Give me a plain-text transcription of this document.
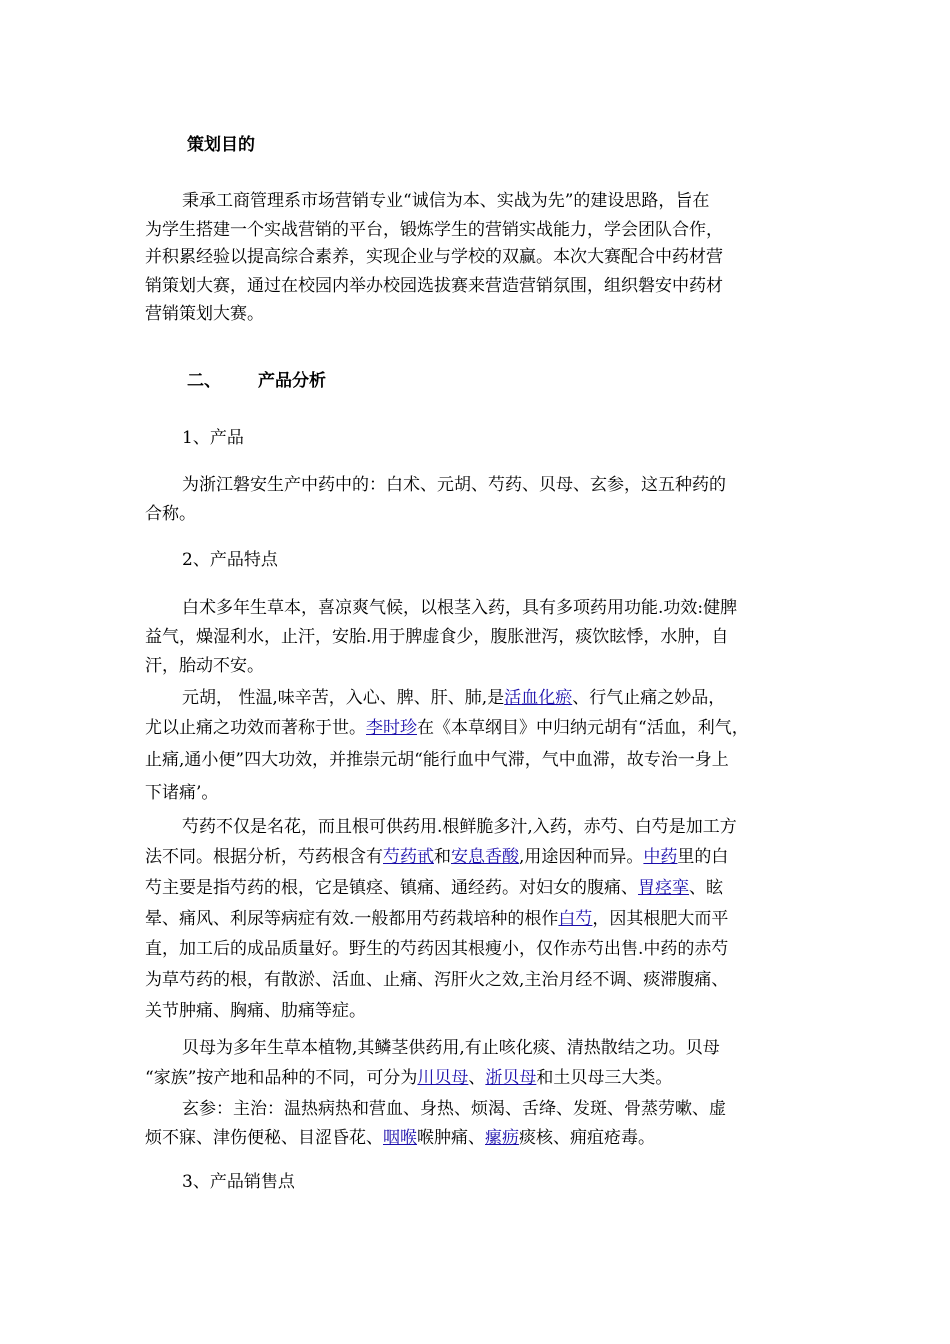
策划目的
秉承工商管理系市场营销专业“诚信为本、实战为先”的建设思路，旨在
为学生搭建一个实战营销的平台，锻炼学生的营销实战能力，学会团队合作，
并积累经验以提高综合素养，实现企业与学校的双赢。本次大赛配合中药材营
销策划大赛，通过在校园内举办校园选拔赛来营造营销氛围，组织磐安中药材
营销策划大赛。
二、 产品分析
1、产品
为浙江磐安生产中药中的：白术、元胡、芍药、贝母、玄参，这五种药的
合称。
2、产品特点
白术多年生草本，喜凉爽气候，以根茎入药，具有多项药用功能.功效:健脾
益气，燥湿利水，止汗，安胎.用于脾虚食少，腹胀泄泻，痰饮眩悸，水肿，自
汗，胎动不安。
元胡， 性温,味辛苦，入心、脾、肝、肺,是活血化瘀、行气止痛之妙品，
尤以止痛之功效而著称于世。李时珍在《本草纲目》中归纳元胡有“活血，利气，
止痛,通小便”四大功效，并推崇元胡“能行血中气滞，气中血滞，故专治一身上
下诸痛’。
芍药不仅是名花，而且根可供药用.根鲜脆多汁,入药，赤芍、白芍是加工方
法不同。根据分析，芍药根含有芍药甙和安息香酸,用途因种而异。中药里的白
芍主要是指芍药的根，它是镇痉、镇痛、通经药。对妇女的腹痛、胃痉挛、眩
晕、痛风、利尿等病症有效.一般都用芍药栽培种的根作白芍，因其根肥大而平
直，加工后的成品质量好。野生的芍药因其根瘦小，仅作赤芍出售.中药的赤芍
为草芍药的根，有散淤、活血、止痛、泻肝火之效,主治月经不调、痰滞腹痛、
关节肿痛、胸痛、肋痛等症。
贝母为多年生草本植物,其鳞茎供药用,有止咳化痰、清热散结之功。贝母
“家族”按产地和品种的不同，可分为川贝母、浙贝母和土贝母三大类。
玄参：主治：温热病热和营血、身热、烦渴、舌绛、发斑、骨蒸劳嗽、虚
烦不寐、津伤便秘、目涩昏花、咽喉喉肿痛、瘰疬痰核、痈疽疮毒。
3、产品销售点
